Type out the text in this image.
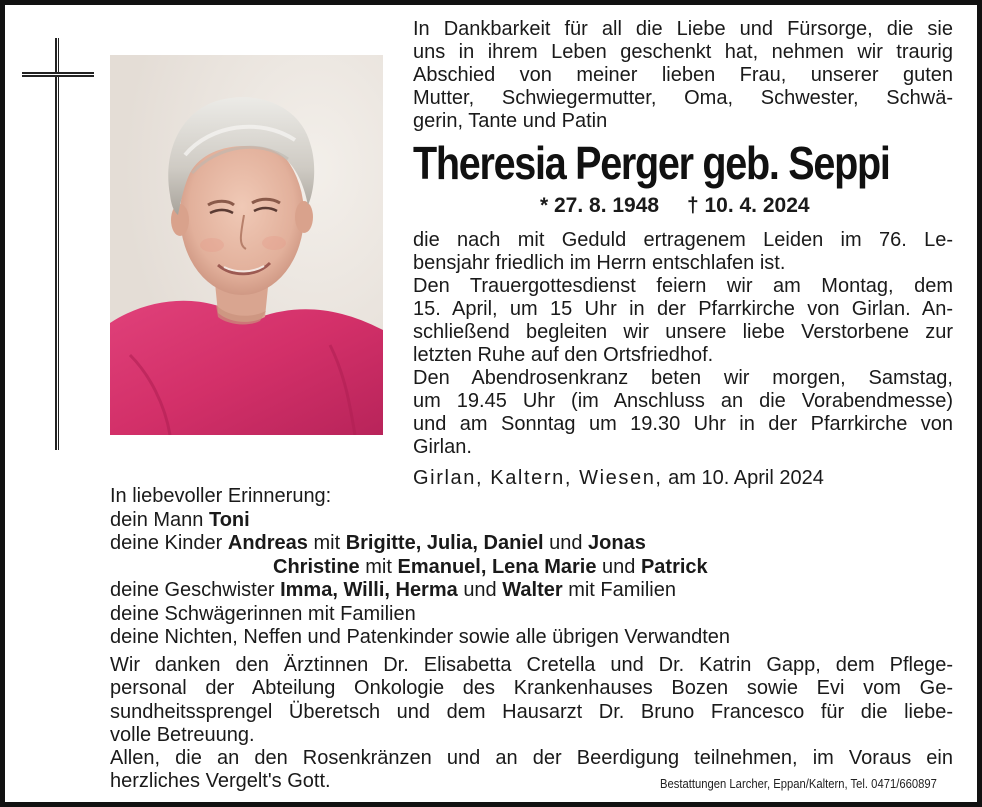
In Dankbarkeit für all die Liebe und Fürsorge, die sie
uns in ihrem Leben geschenkt hat, nehmen wir traurig
Abschied von meiner lieben Frau, unserer guten
Mutter, Schwiegermutter, Oma, Schwester, Schwä-
gerin, Tante und Patin
Theresia Perger geb. Seppi
* 27. 8. 1948 † 10. 4. 2024
die nach mit Geduld ertragenem Leiden im 76. Le-
bensjahr friedlich im Herrn entschlafen ist.
Den Trauergottesdienst feiern wir am Montag, dem
15. April, um 15 Uhr in der Pfarrkirche von Girlan. An-
schließend begleiten wir unsere liebe Verstorbene zur
letzten Ruhe auf den Ortsfriedhof.
Den Abendrosenkranz beten wir morgen, Samstag,
um 19.45 Uhr (im Anschluss an die Vorabendmesse)
und am Sonntag um 19.30 Uhr in der Pfarrkirche von
Girlan.
Girlan, Kaltern, Wiesen, am 10. April 2024
In liebevoller Erinnerung:
dein Mann Toni
deine Kinder Andreas mit Brigitte, Julia, Daniel und Jonas
Christine mit Emanuel, Lena Marie und Patrick
deine Geschwister Imma, Willi, Herma und Walter mit Familien
deine Schwägerinnen mit Familien
deine Nichten, Neffen und Patenkinder sowie alle übrigen Verwandten
Wir danken den Ärztinnen Dr. Elisabetta Cretella und Dr. Katrin Gapp, dem Pflege-
personal der Abteilung Onkologie des Krankenhauses Bozen sowie Evi vom Ge-
sundheitssprengel Überetsch und dem Hausarzt Dr. Bruno Francesco für die liebe-
volle Betreuung.
Allen, die an den Rosenkränzen und an der Beerdigung teilnehmen, im Voraus ein
herzliches Vergelt's Gott.	Bestattungen Larcher, Eppan/Kaltern, Tel. 0471/660897
